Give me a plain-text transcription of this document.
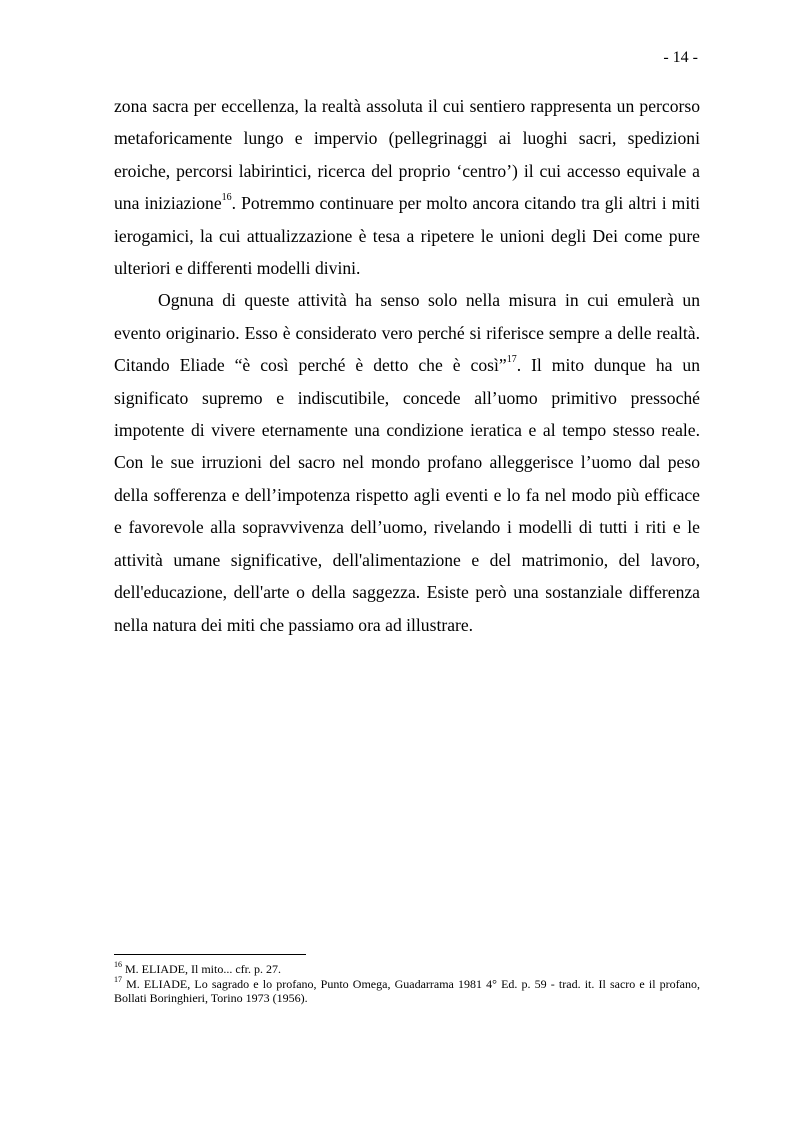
- 14 -

zona sacra per eccellenza, la realtà assoluta il cui sentiero rappresenta un percorso metaforicamente lungo e impervio (pellegrinaggi ai luoghi sacri, spedizioni eroiche, percorsi labirintici, ricerca del proprio ‘centro’) il cui accesso equivale a una iniziazione$^{16}$. Potremmo continuare per molto ancora citando tra gli altri i miti ierogamici, la cui attualizzazione è tesa a ripetere le unioni degli Dei come pure ulteriori e differenti modelli divini.

Ognuna di queste attività ha senso solo nella misura in cui emulerà un evento originario. Esso è considerato vero perché si riferisce sempre a delle realtà. Citando Eliade “è così perché è detto che è così”$^{17}$. Il mito dunque ha un significato supremo e indiscutibile, concede all’uomo primitivo pressoché impotente di vivere eternamente una condizione ieratica e al tempo stesso reale. Con le sue irruzioni del sacro nel mondo profano alleggerisce l’uomo dal peso della sofferenza e dell’impotenza rispetto agli eventi e lo fa nel modo più efficace e favorevole alla sopravvivenza dell’uomo, rivelando i modelli di tutti i riti e le attività umane significative, dell'alimentazione e del matrimonio, del lavoro, dell'educazione, dell'arte o della saggezza. Esiste però una sostanziale differenza nella natura dei miti che passiamo ora ad illustrare.

$^{16}$ M. ELIADE, Il mito... cfr. p. 27.

$^{17}$ M. ELIADE, Lo sagrado e lo profano, Punto Omega, Guadarrama 1981 4° Ed. p. 59 - trad. it. Il sacro e il profano, Bollati Boringhieri, Torino 1973 (1956).
